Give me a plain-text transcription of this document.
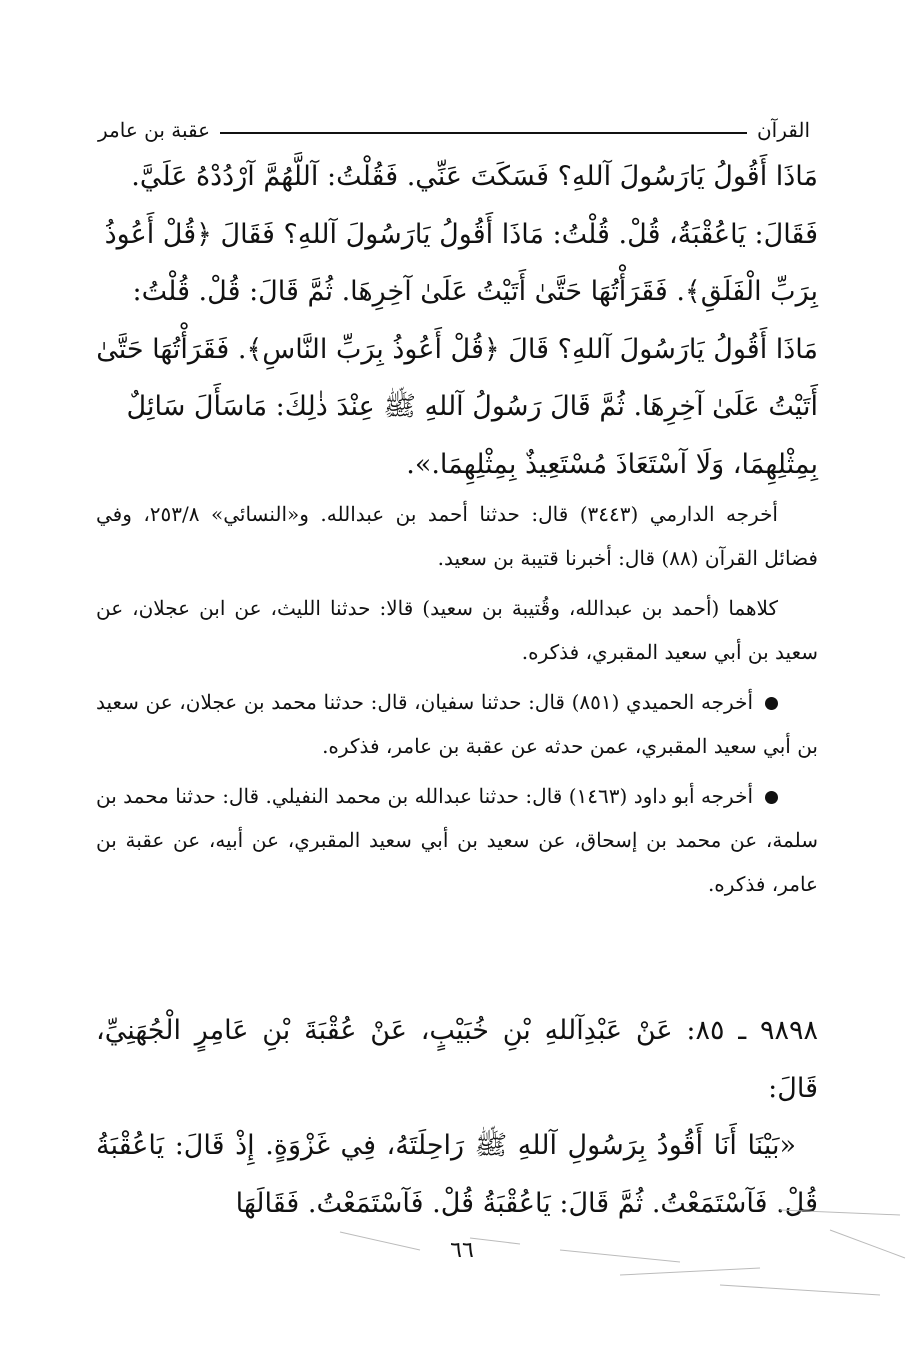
القرآن
عقبة بن عامر

مَاذَا أَقُولُ يَارَسُولَ آللهِ؟ فَسَكَتَ عَنِّي. فَقُلْتُ: آللَّهُمَّ آرْدُدْهُ عَلَيَّ.

فَقَالَ: يَاعُقْبَةُ، قُلْ. قُلْتُ: مَاذَا أَقُولُ يَارَسُولَ آللهِ؟ فَقَالَ ﴿قُلْ أَعُوذُ

بِرَبِّ الْفَلَقِ﴾. فَقَرَأْتُهَا حَتَّىٰ أَتَيْتُ عَلَىٰ آخِرِهَا. ثُمَّ قَالَ: قُلْ. قُلْتُ:

مَاذَا أَقُولُ يَارَسُولَ آللهِ؟ قَالَ ﴿قُلْ أَعُوذُ بِرَبِّ النَّاسِ﴾. فَقَرَأْتُهَا حَتَّىٰ

أَتَيْتُ عَلَىٰ آخِرِهَا. ثُمَّ قَالَ رَسُولُ آللهِ ﷺ عِنْدَ ذٰلِكَ: مَاسَأَلَ سَائِلٌ

بِمِثْلِهِمَا، وَلَا آسْتَعَاذَ مُسْتَعِيذٌ بِمِثْلِهِمَا.».

أخرجه الدارمي (٣٤٤٣) قال: حدثنا أحمد بن عبدالله. و«النسائي» ٢٥٣/٨، وفي فضائل القرآن (٨٨) قال: أخبرنا قتيبة بن سعيد.

كلاهما (أحمد بن عبدالله، وقُتيبة بن سعيد) قالا: حدثنا الليث، عن ابن عجلان، عن سعيد بن أبي سعيد المقبري، فذكره.

أخرجه الحميدي (٨٥١) قال: حدثنا سفيان، قال: حدثنا محمد بن عجلان، عن سعيد بن أبي سعيد المقبري، عمن حدثه عن عقبة بن عامر، فذكره.

أخرجه أبو داود (١٤٦٣) قال: حدثنا عبدالله بن محمد النفيلي. قال: حدثنا محمد بن سلمة، عن محمد بن إسحاق، عن سعيد بن أبي سعيد المقبري، عن أبيه، عن عقبة بن عامر، فذكره.

٩٨٩٨ ـ ٨٥: عَنْ عَبْدِآللهِ بْنِ خُبَيْبٍ، عَنْ عُقْبَةَ بْنِ عَامِرٍ الْجُهَنِيِّ، قَالَ:

«بَيْنَا أَنَا أَقُودُ بِرَسُولِ آللهِ ﷺ رَاحِلَتَهُ، فِي غَزْوَةٍ. إِذْ قَالَ: يَاعُقْبَةُ قُلْ. فَآسْتَمَعْتُ. ثُمَّ قَالَ: يَاعُقْبَةُ قُلْ. فَآسْتَمَعْتُ. فَقَالَهَا

٦٦
